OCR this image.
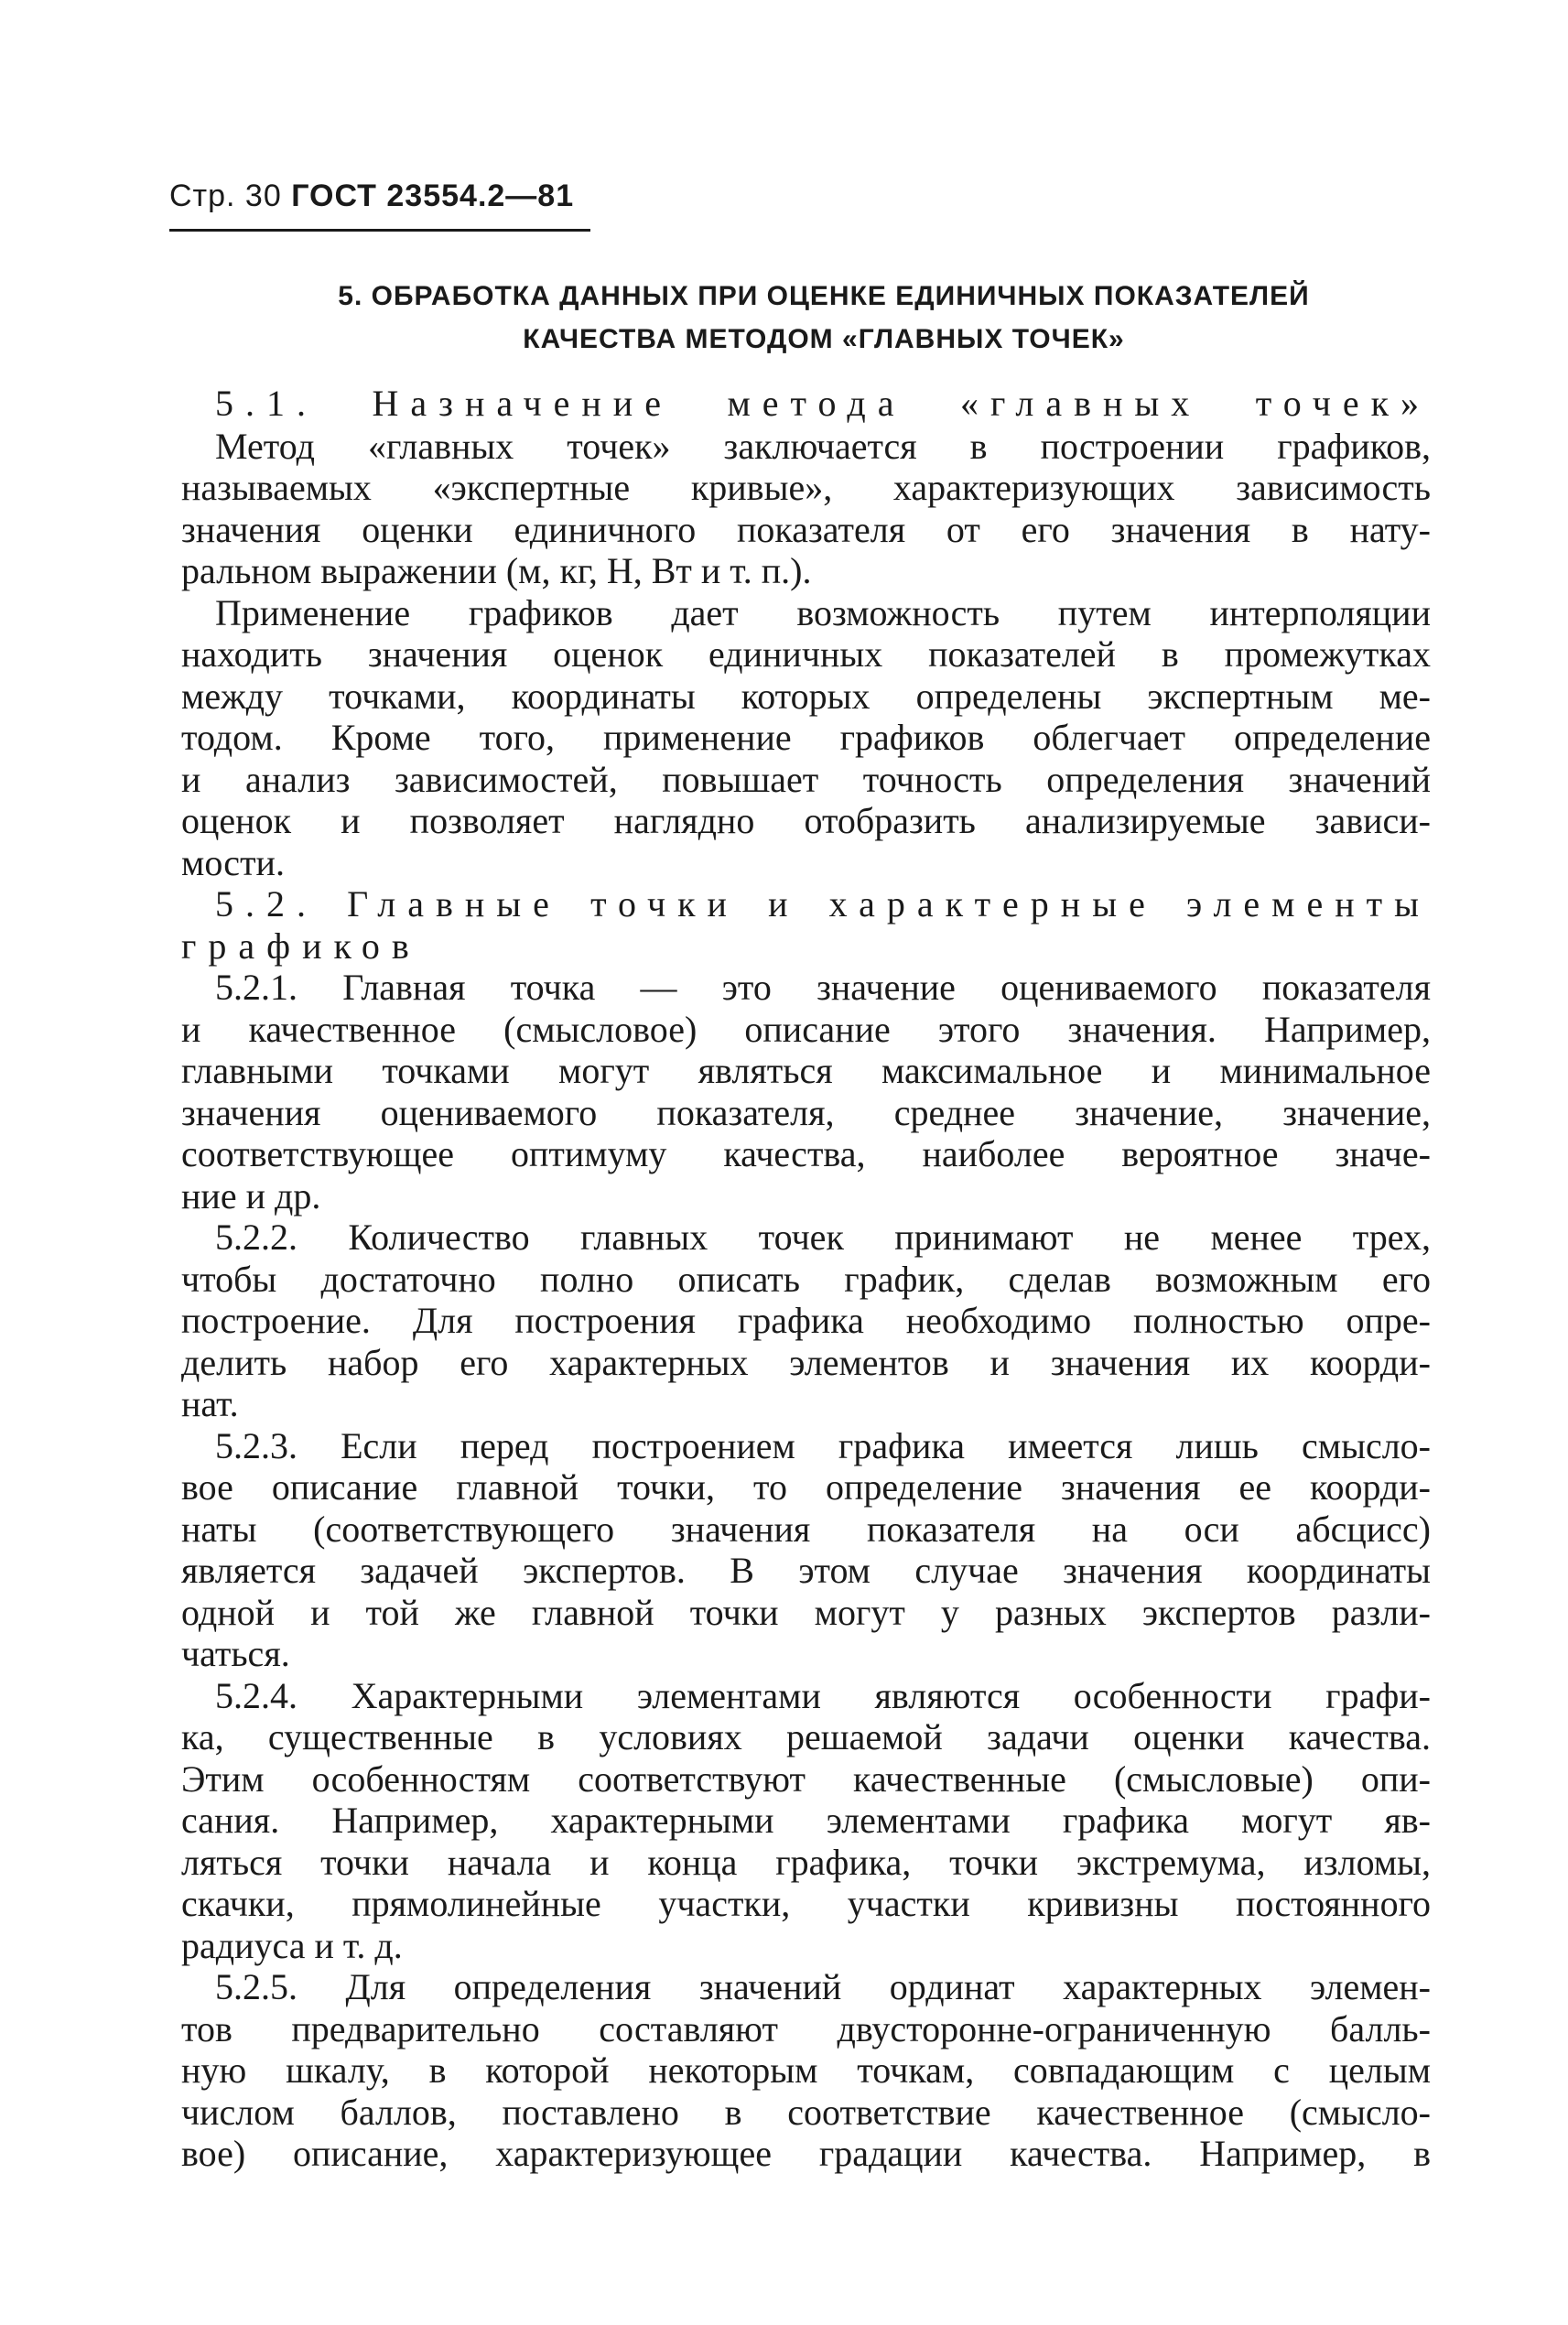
Стр. 30 ГОСТ 23554.2—81
5. ОБРАБОТКА ДАННЫХ ПРИ ОЦЕНКЕ ЕДИНИЧНЫХ ПОКАЗАТЕЛЕЙ
КАЧЕСТВА МЕТОДОМ «ГЛАВНЫХ ТОЧЕК»
5.1. Назначение метода «главных точек»
Метод «главных точек» заключается в построении графиков,
называемых «экспертные кривые», характеризующих зависимость
значения оценки единичного показателя от его значения в нату-
ральном выражении (м, кг, Н, Вт и т. п.).
Применение графиков дает возможность путем интерполяции
находить значения оценок единичных показателей в промежутках
между точками, координаты которых определены экспертным ме-
тодом. Кроме того, применение графиков облегчает определение
и анализ зависимостей, повышает точность определения значений
оценок и позволяет наглядно отобразить анализируемые зависи-
мости.
5.2. Главные точки и характерные элементы
графиков
5.2.1. Главная точка — это значение оцениваемого показателя
и качественное (смысловое) описание этого значения. Например,
главными точками могут являться максимальное и минимальное
значения оцениваемого показателя, среднее значение, значение,
соответствующее оптимуму качества, наиболее вероятное значе-
ние и др.
5.2.2. Количество главных точек принимают не менее трех,
чтобы достаточно полно описать график, сделав возможным его
построение. Для построения графика необходимо полностью опре-
делить набор его характерных элементов и значения их коорди-
нат.
5.2.3. Если перед построением графика имеется лишь смысло-
вое описание главной точки, то определение значения ее коорди-
наты (соответствующего значения показателя на оси абсцисс)
является задачей экспертов. В этом случае значения координаты
одной и той же главной точки могут у разных экспертов разли-
чаться.
5.2.4. Характерными элементами являются особенности графи-
ка, существенные в условиях решаемой задачи оценки качества.
Этим особенностям соответствуют качественные (смысловые) опи-
сания. Например, характерными элементами графика могут яв-
ляться точки начала и конца графика, точки экстремума, изломы,
скачки, прямолинейные участки, участки кривизны постоянного
радиуса и т. д.
5.2.5. Для определения значений ординат характерных элемен-
тов предварительно составляют двусторонне-ограниченную балль-
ную шкалу, в которой некоторым точкам, совпадающим с целым
числом баллов, поставлено в соответствие качественное (смысло-
вое) описание, характеризующее градации качества. Например, в
